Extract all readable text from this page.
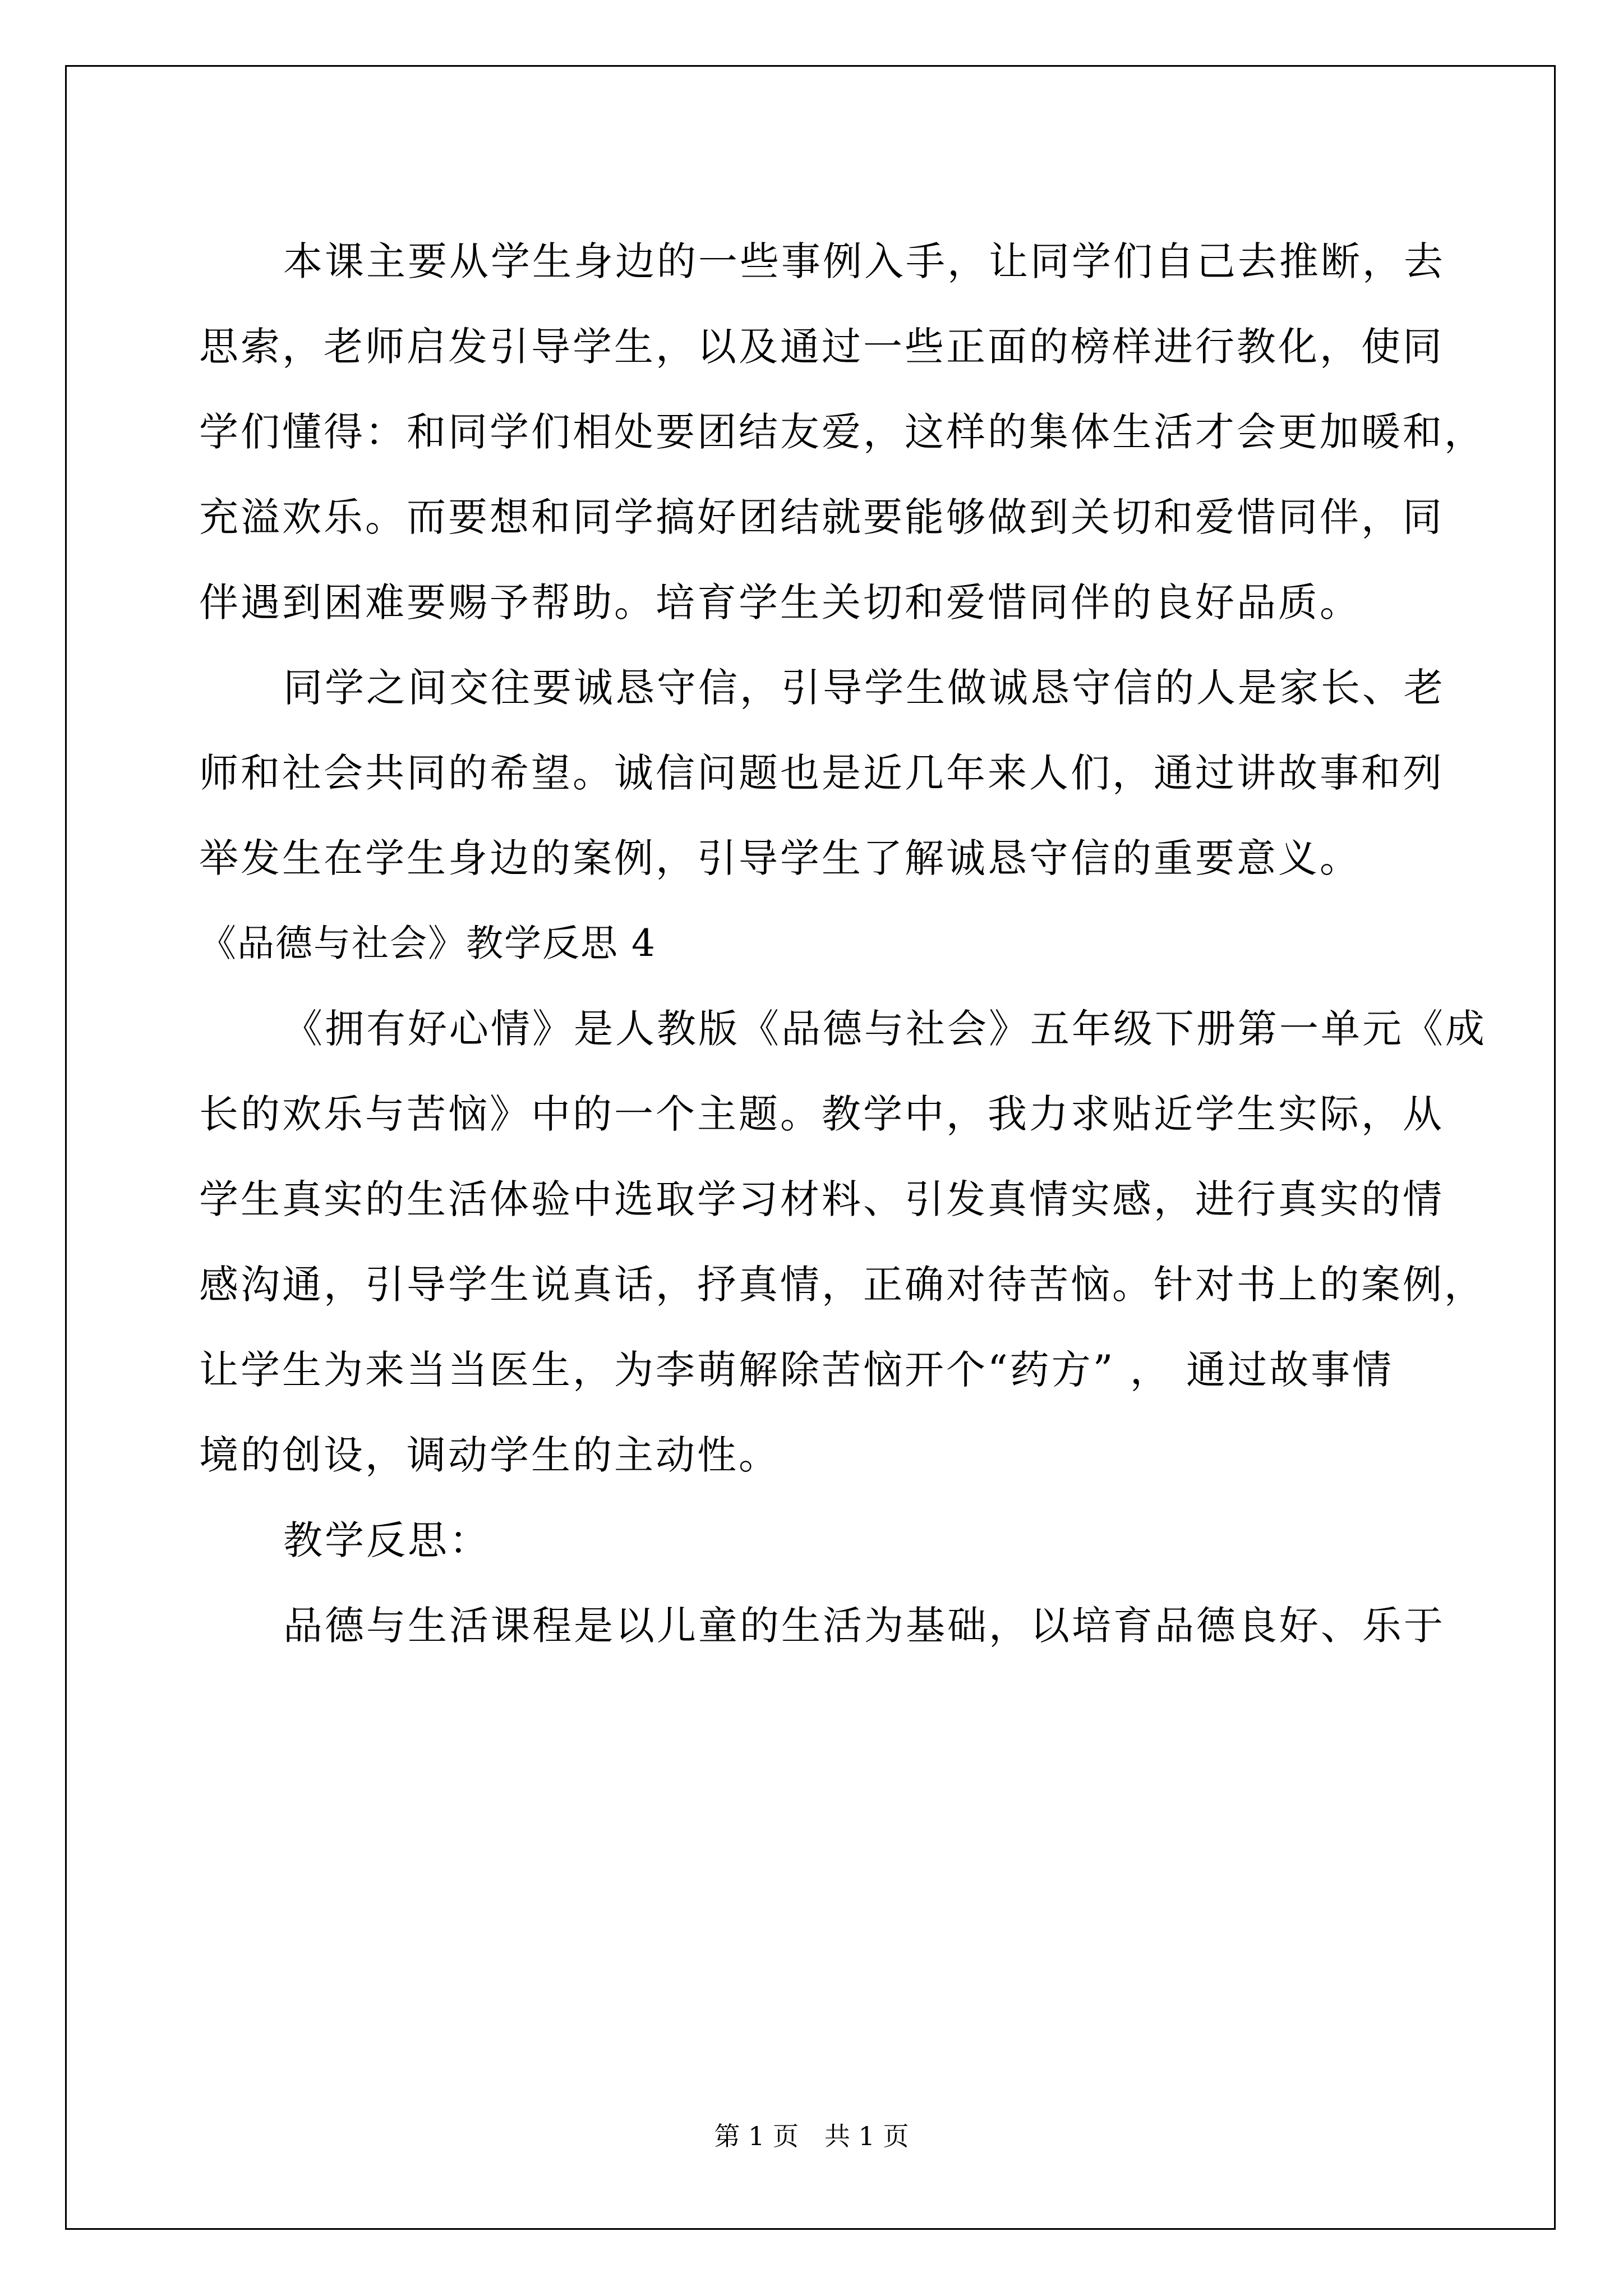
本课主要从学生身边的一些事例入手，让同学们自己去推断，去
思索，老师启发引导学生，以及通过一些正面的榜样进行教化，使同
学们懂得：和同学们相处要团结友爱，这样的集体生活才会更加暖和，
充溢欢乐。而要想和同学搞好团结就要能够做到关切和爱惜同伴，同
伴遇到困难要赐予帮助。培育学生关切和爱惜同伴的良好品质。
同学之间交往要诚恳守信，引导学生做诚恳守信的人是家长、老
师和社会共同的希望。诚信问题也是近几年来人们，通过讲故事和列
举发生在学生身边的案例，引导学生了解诚恳守信的重要意义。
《品德与社会》教学反思 4
《拥有好心情》是人教版《品德与社会》五年级下册第一单元《成
长的欢乐与苦恼》中的一个主题。教学中，我力求贴近学生实际，从
学生真实的生活体验中选取学习材料、引发真情实感，进行真实的情
感沟通，引导学生说真话，抒真情，正确对待苦恼。针对书上的案例，
让学生为来当当医生，为李萌解除苦恼开个“药方” ， 通过故事情
境的创设，调动学生的主动性。
教学反思：
品德与生活课程是以儿童的生活为基础，以培育品德良好、乐于
第 1 页　共 1 页
